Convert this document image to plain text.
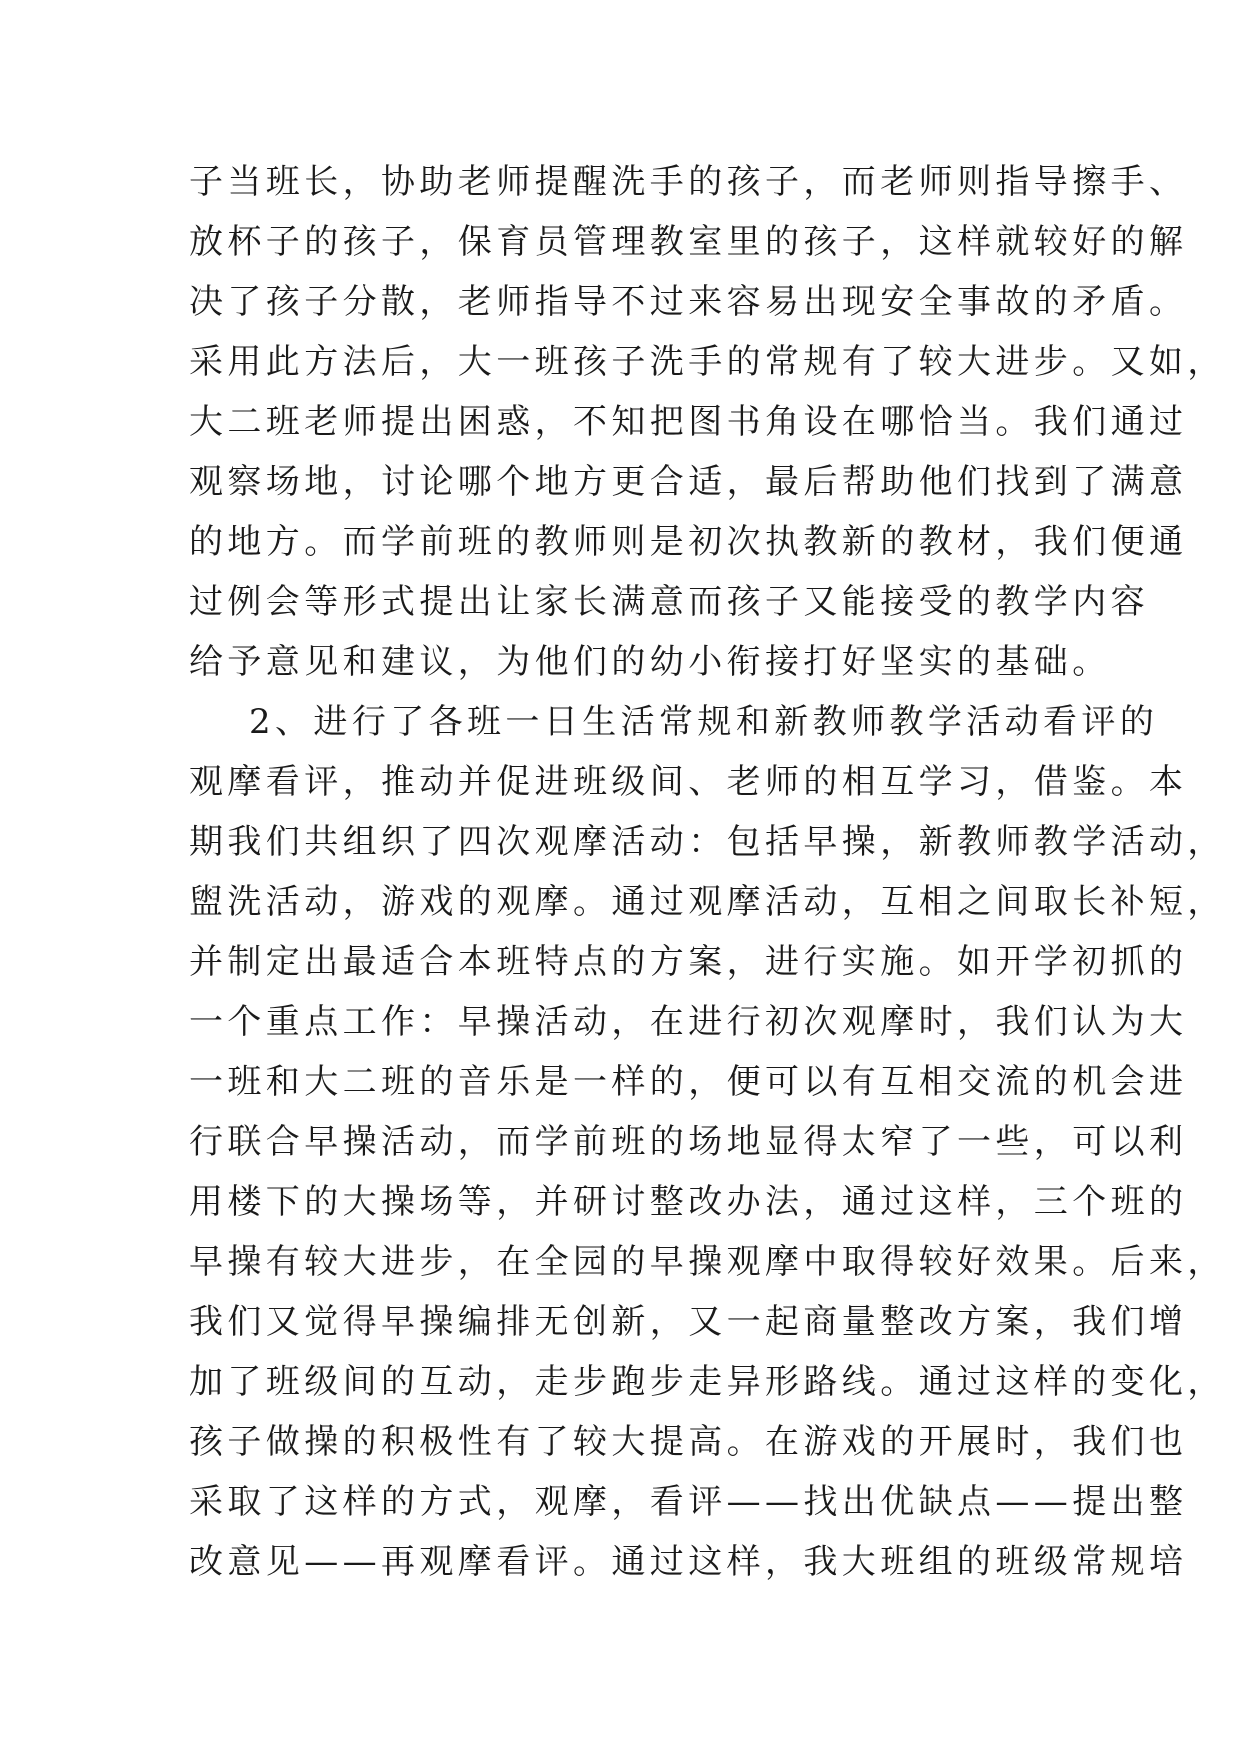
子当班长，协助老师提醒洗手的孩子，而老师则指导擦手、
放杯子的孩子，保育员管理教室里的孩子，这样就较好的解
决了孩子分散，老师指导不过来容易出现安全事故的矛盾。
采用此方法后，大一班孩子洗手的常规有了较大进步。又如，
大二班老师提出困惑，不知把图书角设在哪恰当。我们通过
观察场地，讨论哪个地方更合适，最后帮助他们找到了满意
的地方。而学前班的教师则是初次执教新的教材，我们便通
过例会等形式提出让家长满意而孩子又能接受的教学内容
给予意见和建议，为他们的幼小衔接打好坚实的基础。
2、进行了各班一日生活常规和新教师教学活动看评的
观摩看评，推动并促进班级间、老师的相互学习，借鉴。本
期我们共组织了四次观摩活动：包括早操，新教师教学活动，
盥洗活动，游戏的观摩。通过观摩活动，互相之间取长补短，
并制定出最适合本班特点的方案，进行实施。如开学初抓的
一个重点工作：早操活动，在进行初次观摩时，我们认为大
一班和大二班的音乐是一样的，便可以有互相交流的机会进
行联合早操活动，而学前班的场地显得太窄了一些，可以利
用楼下的大操场等，并研讨整改办法，通过这样，三个班的
早操有较大进步，在全园的早操观摩中取得较好效果。后来，
我们又觉得早操编排无创新，又一起商量整改方案，我们增
加了班级间的互动，走步跑步走异形路线。通过这样的变化，
孩子做操的积极性有了较大提高。在游戏的开展时，我们也
采取了这样的方式，观摩，看评——找出优缺点——提出整
改意见——再观摩看评。通过这样，我大班组的班级常规培
